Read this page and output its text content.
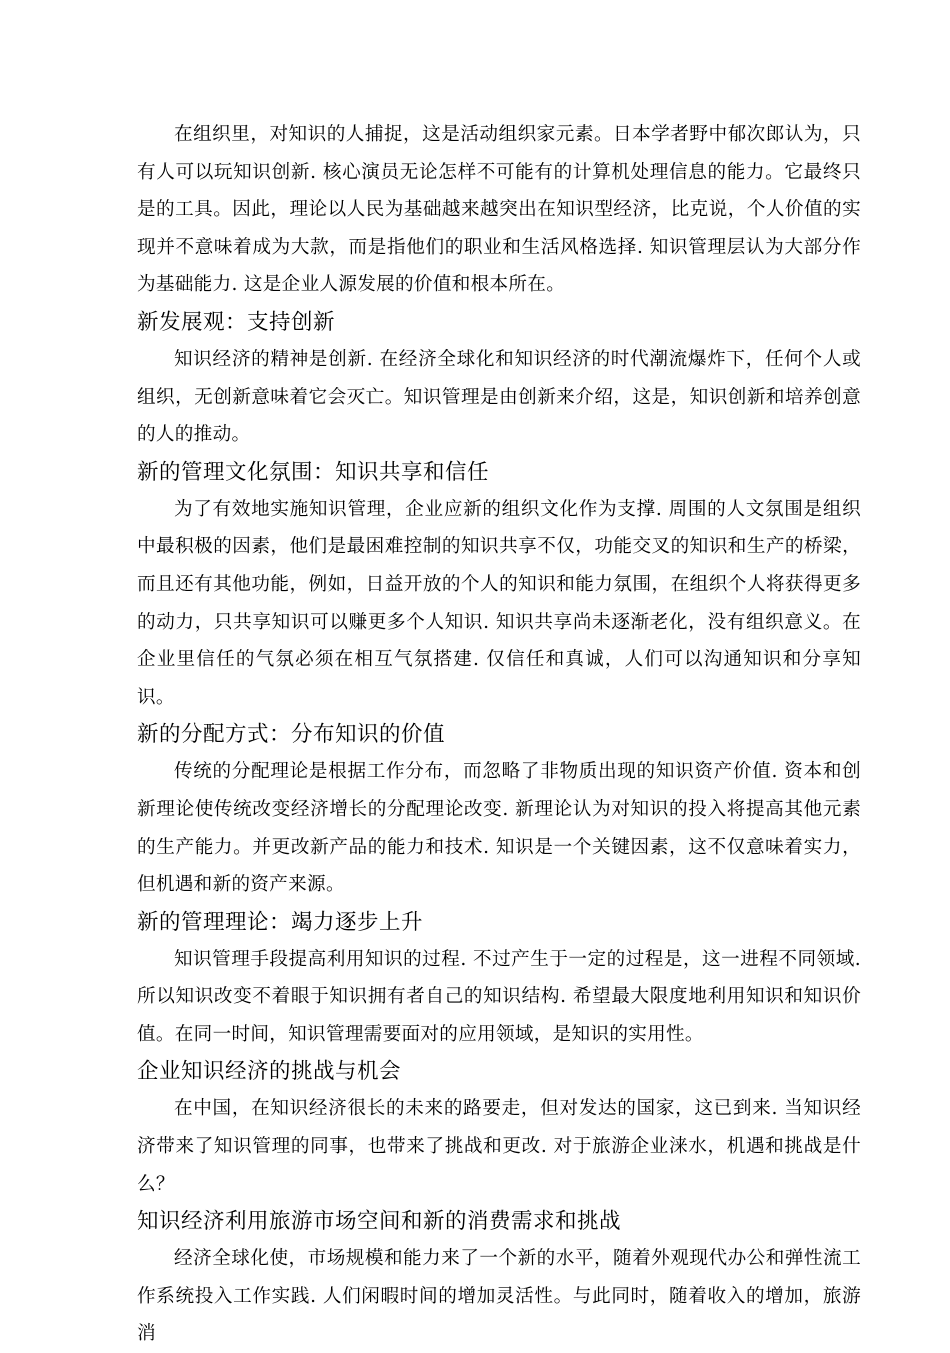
在组织里，对知识的人捕捉，这是活动组织家元素。日本学者野中郁次郎认为，只有人可以玩知识创新. 核心演员无论怎样不可能有的计算机处理信息的能力。它最终只是的工具。因此，理论以人民为基础越来越突出在知识型经济，比克说，个人价值的实现并不意味着成为大款，而是指他们的职业和生活风格选择. 知识管理层认为大部分作为基础能力. 这是企业人源发展的价值和根本所在。

新发展观：支持创新

知识经济的精神是创新. 在经济全球化和知识经济的时代潮流爆炸下，任何个人或组织，无创新意味着它会灭亡。知识管理是由创新来介绍，这是，知识创新和培养创意的人的推动。

新的管理文化氛围：知识共享和信任

为了有效地实施知识管理，企业应新的组织文化作为支撑. 周围的人文氛围是组织中最积极的因素，他们是最困难控制的知识共享不仅，功能交叉的知识和生产的桥梁，而且还有其他功能，例如，日益开放的个人的知识和能力氛围，在组织个人将获得更多的动力，只共享知识可以赚更多个人知识. 知识共享尚未逐渐老化，没有组织意义。在企业里信任的气氛必须在相互气氛搭建. 仅信任和真诚，人们可以沟通知识和分享知识。

新的分配方式：分布知识的价值

传统的分配理论是根据工作分布，而忽略了非物质出现的知识资产价值. 资本和创新理论使传统改变经济增长的分配理论改变. 新理论认为对知识的投入将提高其他元素的生产能力。并更改新产品的能力和技术. 知识是一个关键因素，这不仅意味着实力，但机遇和新的资产来源。

新的管理理论：竭力逐步上升

知识管理手段提高利用知识的过程. 不过产生于一定的过程是，这一进程不同领域. 所以知识改变不着眼于知识拥有者自己的知识结构. 希望最大限度地利用知识和知识价值。在同一时间，知识管理需要面对的应用领域，是知识的实用性。

企业知识经济的挑战与机会

在中国，在知识经济很长的未来的路要走，但对发达的国家，这已到来. 当知识经济带来了知识管理的同事，也带来了挑战和更改. 对于旅游企业涞水，机遇和挑战是什么？

知识经济利用旅游市场空间和新的消费需求和挑战

经济全球化使，市场规模和能力来了一个新的水平，随着外观现代办公和弹性流工作系统投入工作实践. 人们闲暇时间的增加灵活性。与此同时，随着收入的增加，旅游消
